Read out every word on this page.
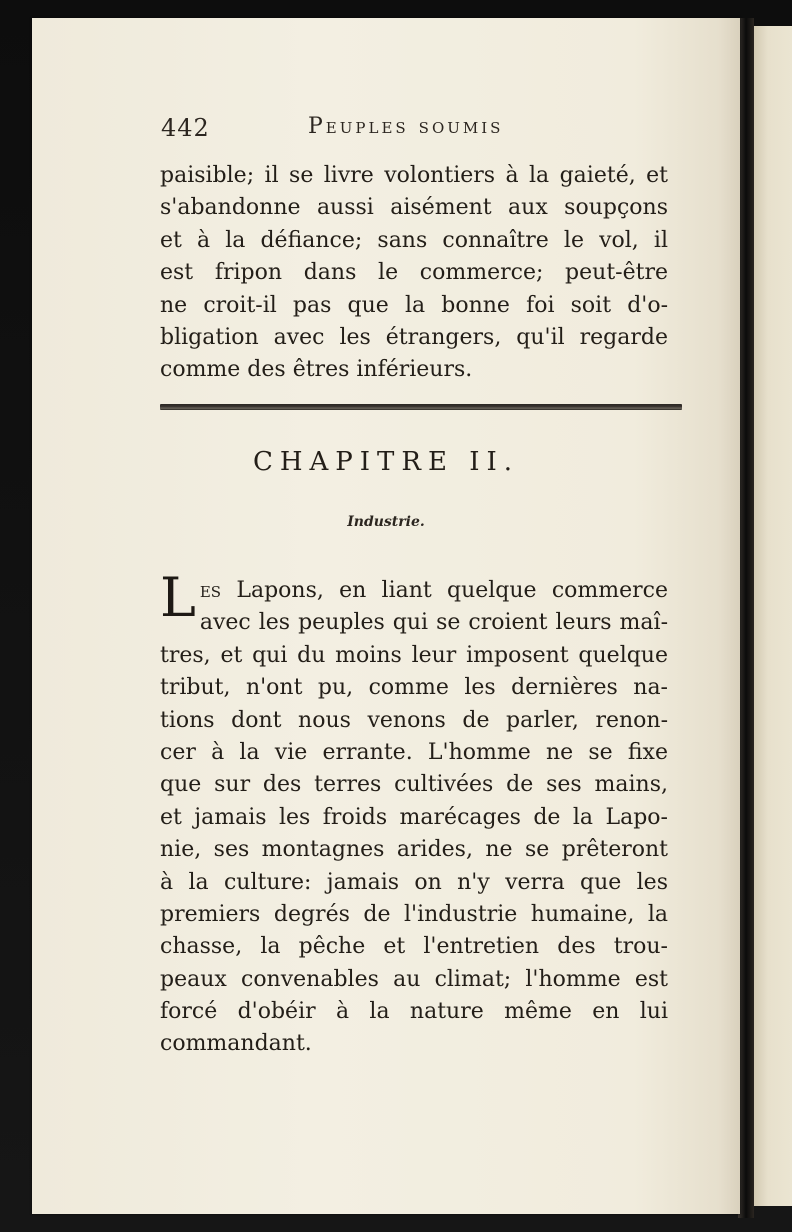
442	Peuples soumis
paisible; il se livre volontiers à la gaieté, et
s'abandonne aussi aisément aux soupçons
et à la défiance; sans connaître le vol, il
est fripon dans le commerce; peut-être
ne croit-il pas que la bonne foi soit d'o-
bligation avec les étrangers, qu'il regarde
comme des êtres inférieurs.
CHAPITRE II.
Industrie.
Les Lapons, en liant quelque commerce
avec les peuples qui se croient leurs maî-
tres, et qui du moins leur imposent quelque
tribut, n'ont pu, comme les dernières na-
tions dont nous venons de parler, renon-
cer à la vie errante. L'homme ne se fixe
que sur des terres cultivées de ses mains,
et jamais les froids marécages de la Lapo-
nie, ses montagnes arides, ne se prêteront
à la culture: jamais on n'y verra que les
premiers degrés de l'industrie humaine, la
chasse, la pêche et l'entretien des trou-
peaux convenables au climat; l'homme est
forcé d'obéir à la nature même en lui
commandant.
